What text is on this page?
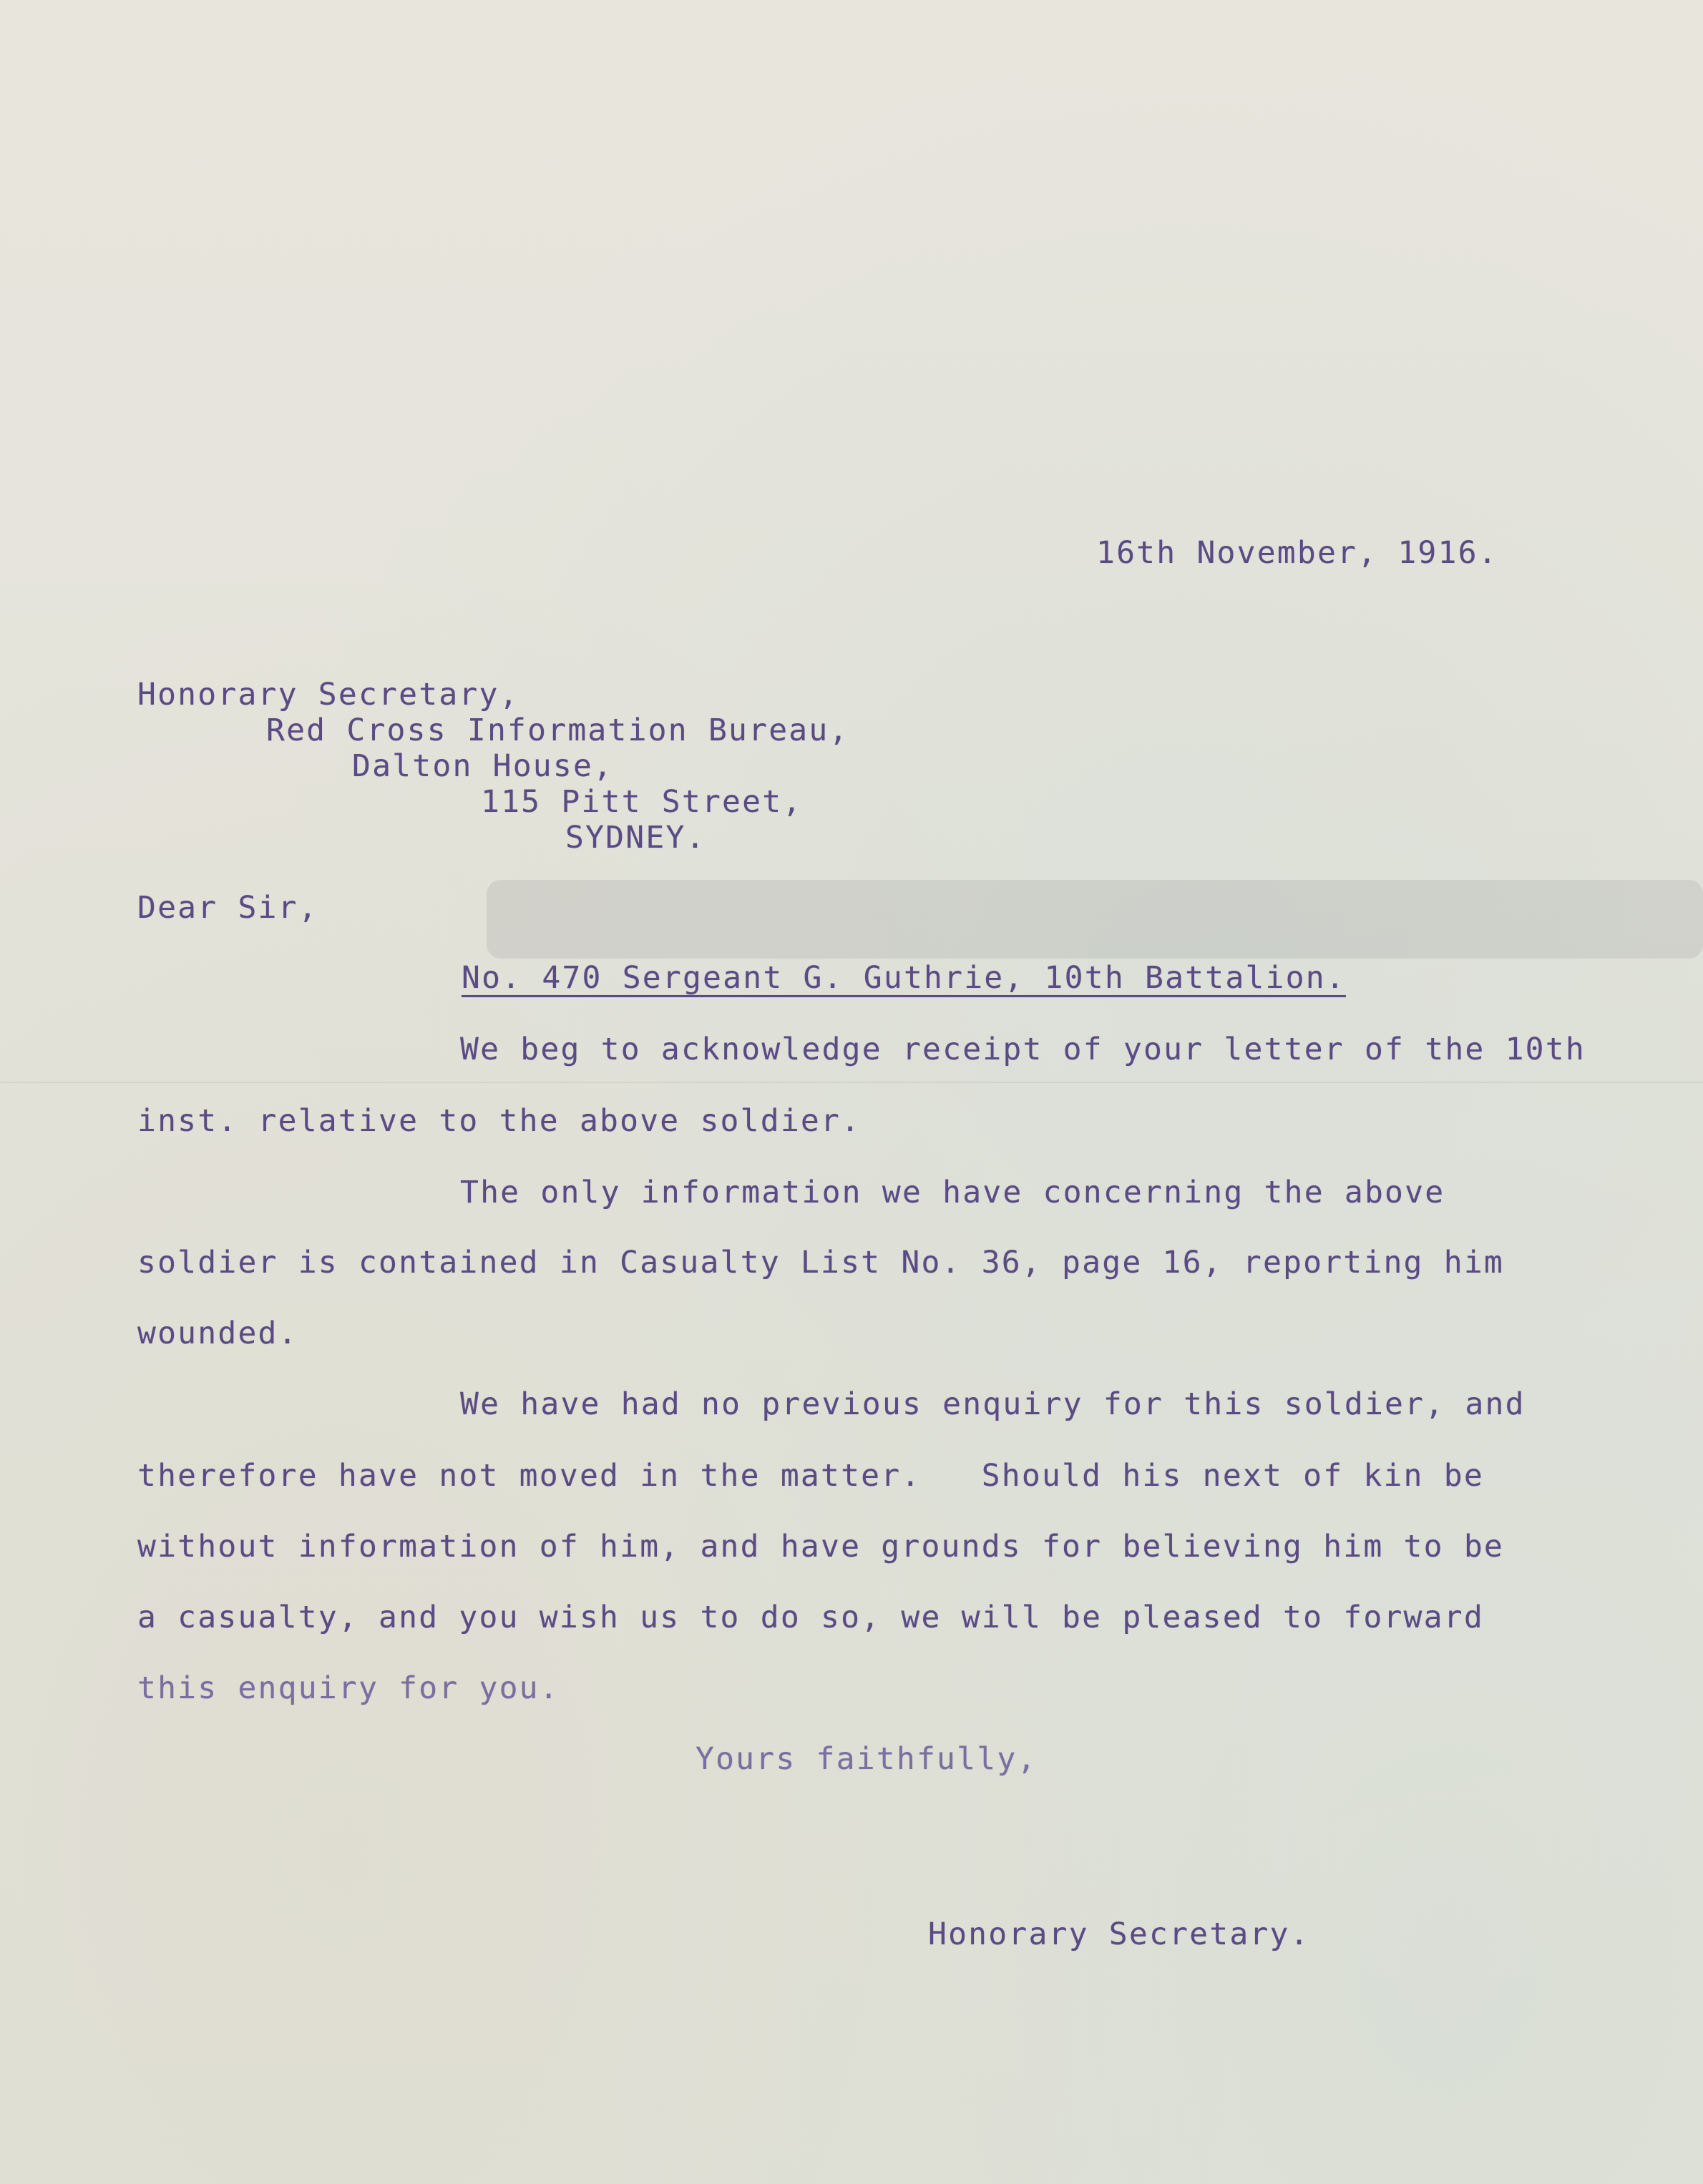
16th November, 1916.
Honorary Secretary,
Red Cross Information Bureau,
Dalton House,
115 Pitt Street,
SYDNEY.
Dear Sir,
No. 470 Sergeant G. Guthrie, 10th Battalion.
We beg to acknowledge receipt of your letter of the 10th
inst. relative to the above soldier.
The only information we have concerning the above
soldier is contained in Casualty List No. 36, page 16, reporting him
wounded.
We have had no previous enquiry for this soldier, and
therefore have not moved in the matter.   Should his next of kin be
without information of him, and have grounds for believing him to be
a casualty, and you wish us to do so, we will be pleased to forward
this enquiry for you.
Yours faithfully,
Honorary Secretary.
